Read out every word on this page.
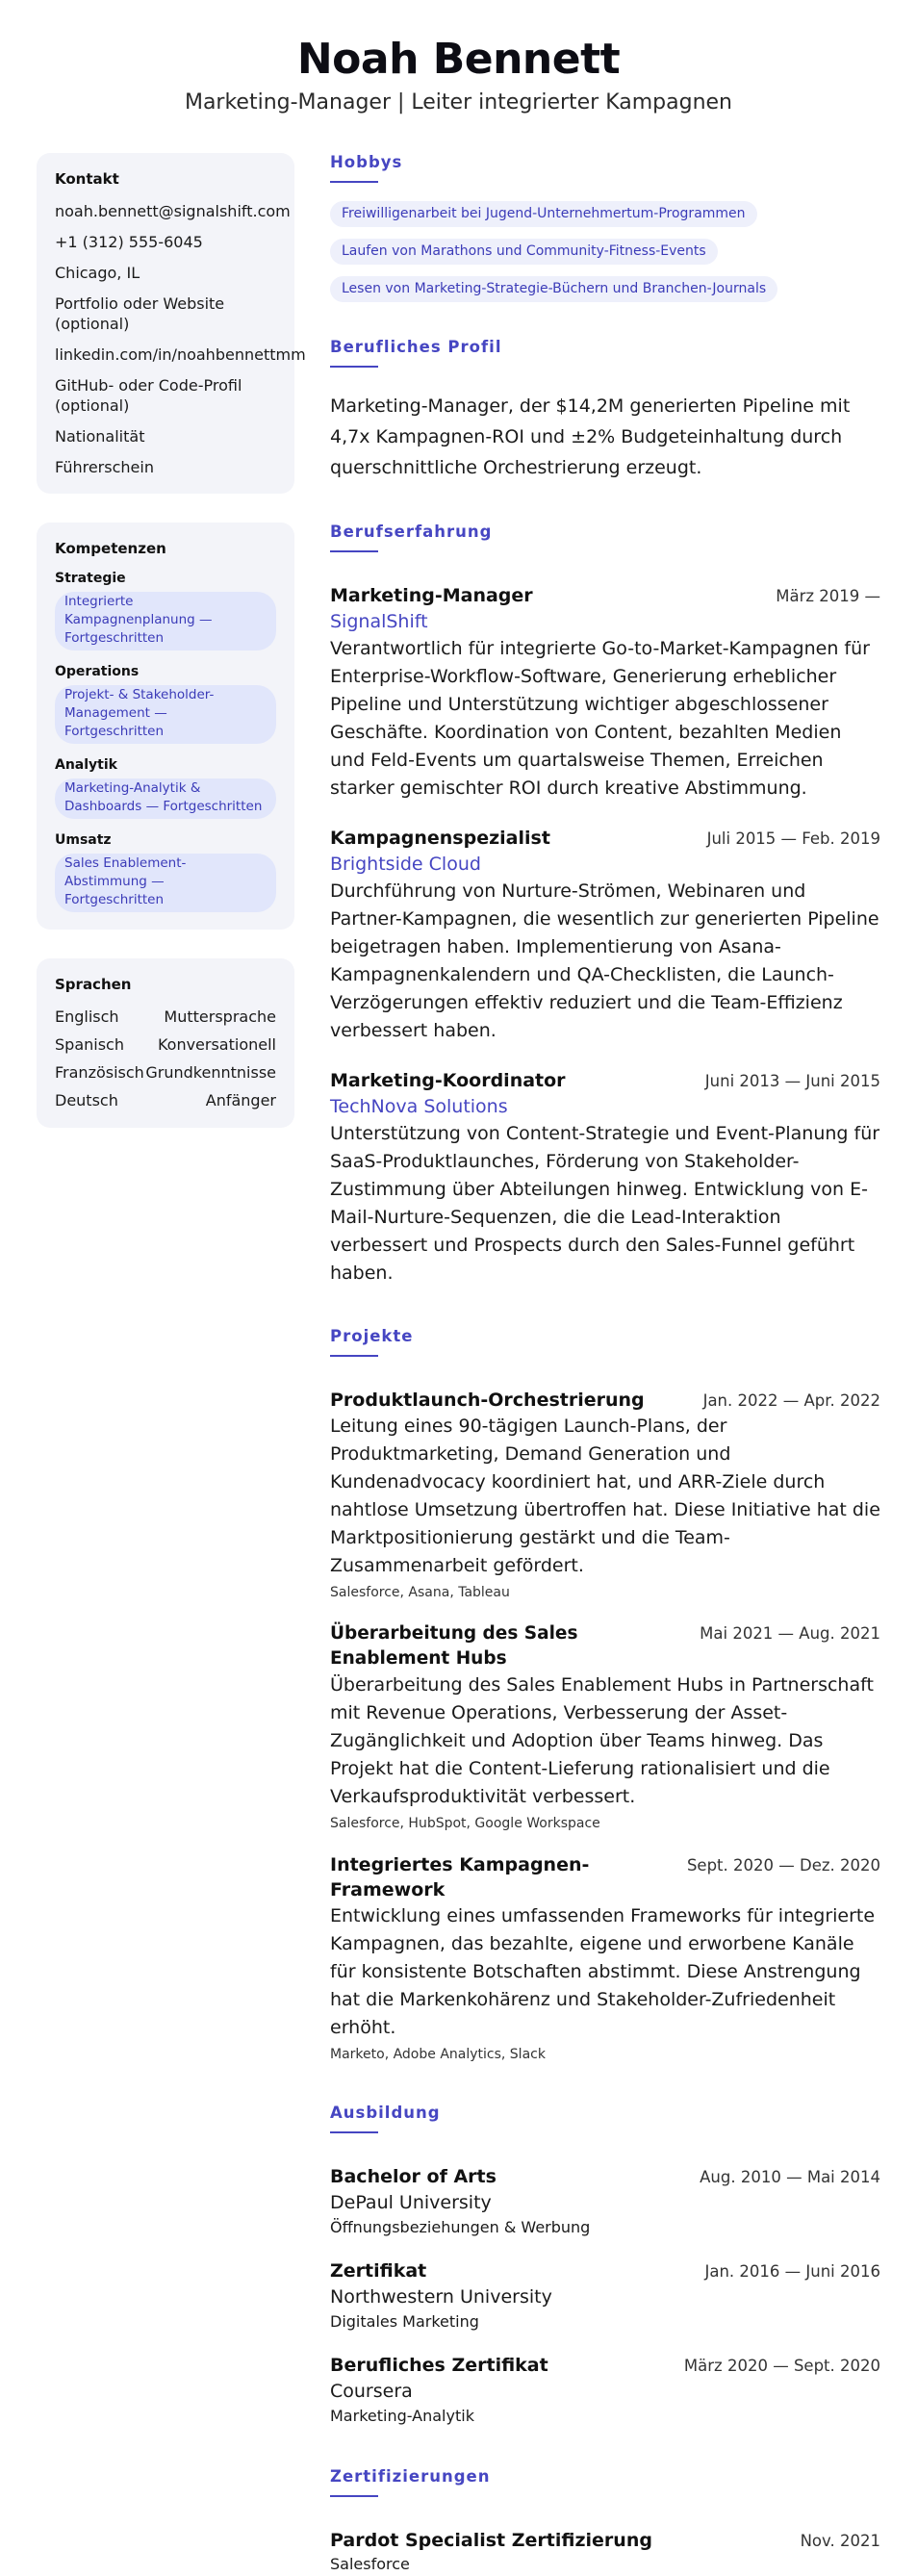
Noah Bennett
Marketing-Manager | Leiter integrierter Kampagnen
Kontakt
noah.bennett@signalshift.com
+1 (312) 555-6045
Chicago, IL
Portfolio oder Website (optional)
linkedin.com/in/noahbennettmm
GitHub- oder Code-Profil (optional)
Nationalität
Führerschein
Kompetenzen
Strategie
Integrierte Kampagnenplanung — Fortgeschritten
Operations
Projekt- & Stakeholder-Management — Fortgeschritten
Analytik
Marketing-Analytik & Dashboards — Fortgeschritten
Umsatz
Sales Enablement-Abstimmung — Fortgeschritten
Sprachen
Englisch	Muttersprache
Spanisch Konversationell
Französisch Grundkenntnisse
Deutsch	Anfänger
Hobbys
Freiwilligenarbeit bei Jugend-Unternehmertum-Programmen
Laufen von Marathons und Community-Fitness-Events
Lesen von Marketing-Strategie-Büchern und Branchen-Journals
Berufliches Profil
Marketing-Manager, der $14,2M generierten Pipeline mit 4,7x Kampagnen-ROI und ±2% Budgeteinhaltung durch querschnittliche Orchestrierung erzeugt.
Berufserfahrung
Marketing-Manager	März 2019 —
SignalShift
Verantwortlich für integrierte Go-to-Market-Kampagnen für Enterprise-Workflow-Software, Generierung erheblicher Pipeline und Unterstützung wichtiger abgeschlossener Geschäfte. Koordination von Content, bezahlten Medien und Feld-Events um quartalsweise Themen, Erreichen starker gemischter ROI durch kreative Abstimmung.
Kampagnenspezialist	Juli 2015 — Feb. 2019
Brightside Cloud
Durchführung von Nurture-Strömen, Webinaren und Partner-Kampagnen, die wesentlich zur generierten Pipeline beigetragen haben. Implementierung von Asana-Kampagnenkalendern und QA-Checklisten, die Launch-Verzögerungen effektiv reduziert und die Team-Effizienz verbessert haben.
Marketing-Koordinator	Juni 2013 — Juni 2015
TechNova Solutions
Unterstützung von Content-Strategie und Event-Planung für SaaS-Produktlaunches, Förderung von Stakeholder-Zustimmung über Abteilungen hinweg. Entwicklung von E-Mail-Nurture-Sequenzen, die die Lead-Interaktion verbessert und Prospects durch den Sales-Funnel geführt haben.
Projekte
Produktlaunch-Orchestrierung	Jan. 2022 — Apr. 2022
Leitung eines 90-tägigen Launch-Plans, der Produktmarketing, Demand Generation und Kundenadvocacy koordiniert hat, und ARR-Ziele durch nahtlose Umsetzung übertroffen hat. Diese Initiative hat die Marktpositionierung gestärkt und die Team-Zusammenarbeit gefördert.
Salesforce, Asana, Tableau
Überarbeitung des Sales Enablement Hubs
Mai 2021 — Aug. 2021
Überarbeitung des Sales Enablement Hubs in Partnerschaft mit Revenue Operations, Verbesserung der Asset-Zugänglichkeit und Adoption über Teams hinweg. Das Projekt hat die Content-Lieferung rationalisiert und die Verkaufsproduktivität verbessert.
Salesforce, HubSpot, Google Workspace
Integriertes Kampagnen-Framework
Sept. 2020 — Dez. 2020
Entwicklung eines umfassenden Frameworks für integrierte Kampagnen, das bezahlte, eigene und erworbene Kanäle für konsistente Botschaften abstimmt. Diese Anstrengung hat die Markenkohärenz und Stakeholder-Zufriedenheit erhöht.
Marketo, Adobe Analytics, Slack
Ausbildung
Bachelor of Arts	Aug. 2010 — Mai 2014
DePaul University
Öffnungsbeziehungen & Werbung
Zertifikat	Jan. 2016 — Juni 2016
Northwestern University
Digitales Marketing
Berufliches Zertifikat	März 2020 — Sept. 2020
Coursera
Marketing-Analytik
Zertifizierungen
Pardot Specialist Zertifizierung	Nov. 2021
Salesforce
